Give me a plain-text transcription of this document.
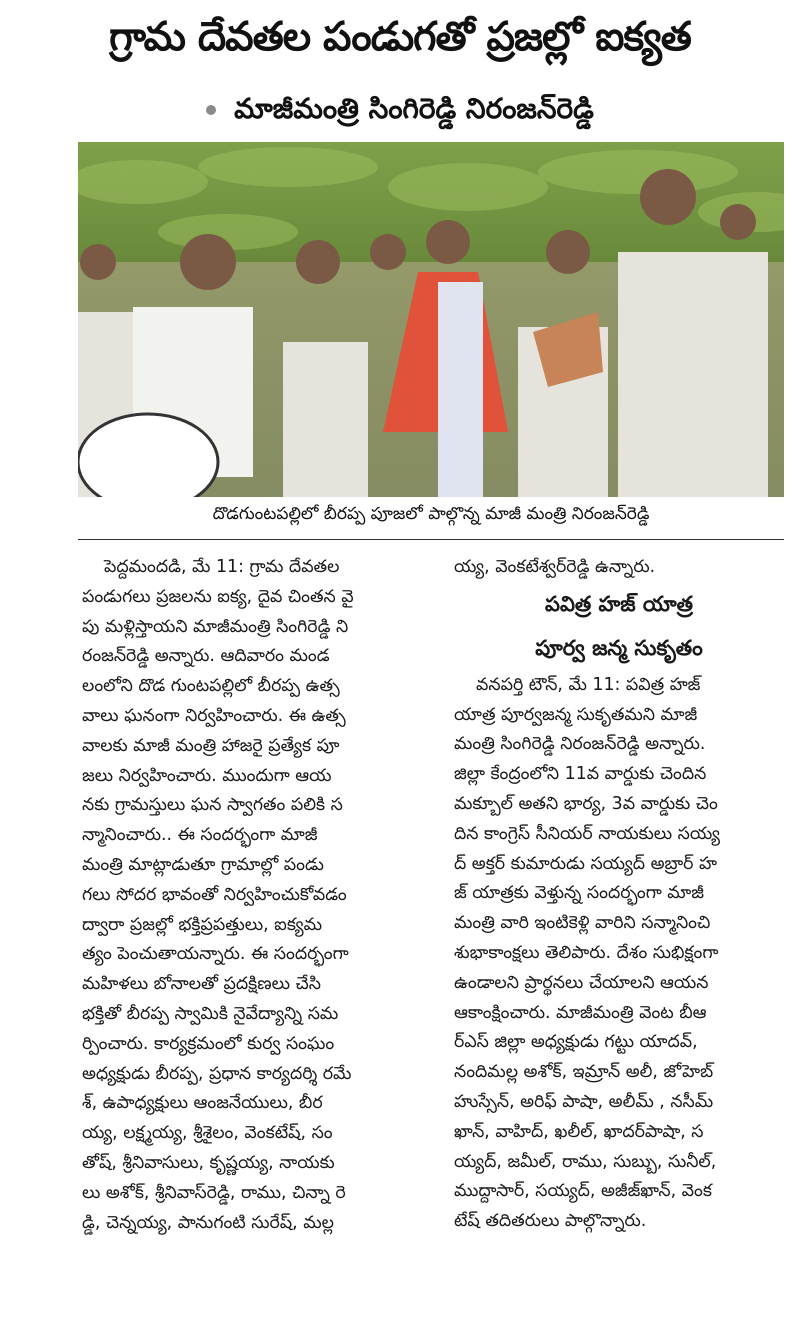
గ్రామ దేవతల పండుగతో ప్రజల్లో ఐక్యత
మాజీమంత్రి సింగిరెడ్డి నిరంజన్‌రెడ్డి
దొడగుంటపల్లిలో బీరప్ప పూజలో పాల్గొన్న మాజీ మంత్రి నిరంజన్‌రెడ్డి
పెద్దమందడి, మే 11: గ్రామ దేవతల
పండుగలు ప్రజలను ఐక్య, దైవ చింతన వై
పు మళ్లిస్తాయని మాజీమంత్రి సింగిరెడ్డి ని
రంజన్‌రెడ్డి అన్నారు. ఆదివారం మండ
లంలోని దొడ గుంటపల్లిలో బీరప్ప ఉత్స
వాలు ఘనంగా నిర్వహించారు. ఈ ఉత్స
వాలకు మాజీ మంత్రి హాజరై ప్రత్యేక పూ
జలు నిర్వహించారు. ముందుగా ఆయ
నకు గ్రామస్తులు ఘన స్వాగతం పలికి స
న్మానించారు.. ఈ సందర్భంగా మాజీ
మంత్రి మాట్లాడుతూ గ్రామాల్లో పండు
గలు సోదర భావంతో నిర్వహించుకోవడం
ద్వారా ప్రజల్లో భక్తిప్రపత్తులు, ఐక్యమ
త్యం పెంచుతాయన్నారు. ఈ సందర్భంగా
మహిళలు బోనాలతో ప్రదక్షిణలు చేసి
భక్తితో బీరప్ప స్వామికి నైవేద్యాన్ని సమ
ర్పించారు. కార్యక్రమంలో కుర్వ సంఘం
అధ్యక్షుడు బీరప్ప, ప్రధాన కార్యదర్శి రమే
శ్, ఉపాధ్యక్షులు ఆంజనేయులు, బీర
య్య, లక్ష్మయ్య, శ్రీశైలం, వెంకటేష్, సం
తోష్, శ్రీనివాసులు, కృష్ణయ్య, నాయకు
లు అశోక్, శ్రీనివాస్‌రెడ్డి, రాము, చిన్నా రె
డ్డి, చెన్నయ్య, పానుగంటి సురేష్, మల్ల
య్య, వెంకటేశ్వర్‌రెడ్డి ఉన్నారు.
పవిత్ర హజ్ యాత్ర
పూర్వ జన్మ సుకృతం
వనపర్తి టౌన్, మే 11: పవిత్ర హజ్
యాత్ర పూర్వజన్మ సుకృతమని మాజీ
మంత్రి సింగిరెడ్డి నిరంజన్‌రెడ్డి అన్నారు.
జిల్లా కేంద్రంలోని 11వ వార్డుకు చెందిన
మక్బూల్ అతని భార్య, 3వ వార్డుకు చెం
దిన కాంగ్రెస్ సీనియర్ నాయకులు సయ్య
ద్ అక్తర్ కుమారుడు సయ్యద్ అబ్రార్ హ
జ్ యాత్రకు వెళ్తున్న సందర్భంగా మాజీ
మంత్రి వారి ఇంటికెళ్లి వారిని సన్మానించి
శుభాకాంక్షలు తెలిపారు. దేశం సుభిక్షంగా
ఉండాలని ప్రార్థనలు చేయాలని ఆయన
ఆకాంక్షించారు. మాజీమంత్రి వెంట బీఆ
ర్ఎస్ జిల్లా అధ్యక్షుడు గట్టు యాదవ్,
నందిమల్ల అశోక్, ఇమ్రాన్ అలీ, జోహెబ్
హుస్సేన్, అరిఫ్ పాషా, అలీమ్ , నసీమ్
ఖాన్, వాహిద్, ఖలీల్, ఖాదర్‌పాషా, స
య్యద్, జమీల్, రాము, సుబ్బు, సునీల్,
ముద్దాసార్, సయ్యద్, అజీజ్‌ఖాన్, వెంక
టేష్ తదితరులు పాల్గొన్నారు.
